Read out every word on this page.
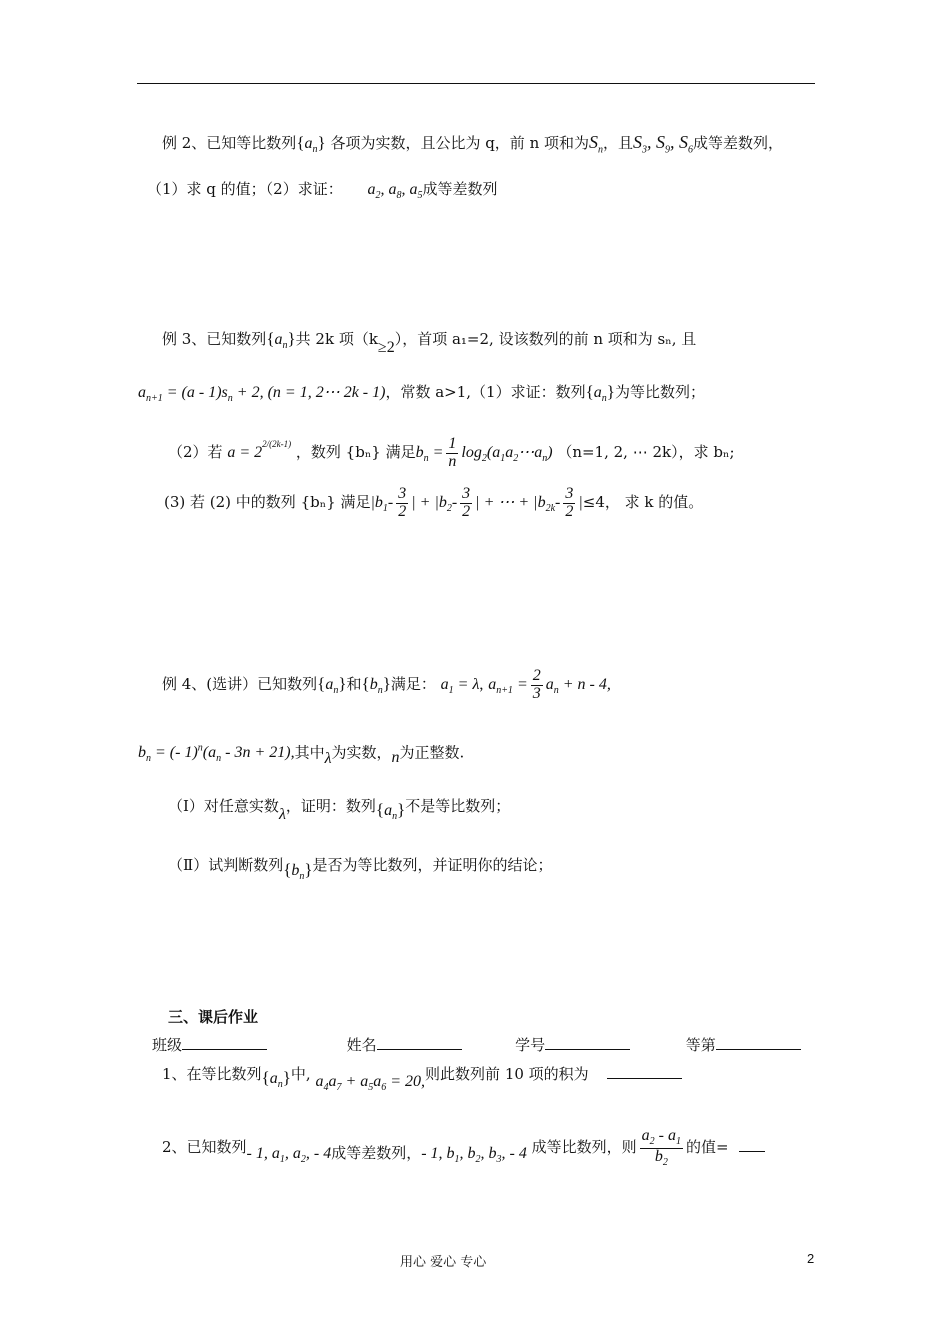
例 2、已知等比数列$\{a_n\}$ 各项为实数，且公比为 q，前 n 项和为$S_n$，且$S_3$, $S_9$, $S_6$成等差数列，
（1）求 q 的值；（2）求证： $a_2$, $a_8$, $a_5$成等差数列
例 3、已知数列$\{a_n\}$共 2k 项（k≥2），首项 a₁=2, 设该数列的前 n 项和为 sₙ, 且
$a_{n+1} = (a - 1)s_n + 2$, (n = 1, 2⋯ 2k - 1)，常数 a>1,（1）求证：数列$\{a_n\}$为等比数列；
（2）若 $a = 2^{2/(2k-1)}$ ，数列 {bₙ} 满足$b_n = \frac{1}{n}$ $\log_2(a_1a_2\cdots a_n)$ （n=1, 2, ⋯ 2k），求 bₙ;
(3) 若 (2) 中的数列 {bₙ} 满足$|b_1- \frac{3}{2}$ | + $|b_2- \frac{3}{2}$ | + ⋯ + $|b_{2k}- \frac{3}{2} |\le 4$， 求 k 的值。
例 4、(选讲）已知数列$\{a_n\}$和$\{b_n\}$满足： $a_1 = \lambda$, $a_{n+1} = \frac{2}{3} a_n + n - 4$,
$b_n$ = (- $1)^n(a_n - 3n + 21)$,其中λ为实数，n为正整数.
（Ⅰ）对任意实数λ，证明：数列$\{a_n\}$不是等比数列；
（Ⅱ）试判断数列$\{b_n\}$是否为等比数列，并证明你的结论；
三、课后作业
班级	姓名	学号	等第
1、在等比数列$\{a_n\}$中, $a_4a_7 + a_5a_6 = 20$,则此数列前 10 项的积为
2、已知数列- 1, $a_1$, $a_2$, - 4成等差数列，- 1, $b_1$, $b_2$, $b_3$, - 4 成等比数列，则 $\frac{a_2 - a_1}{b_2}$ 的值=
用心 爱心 专心	2
